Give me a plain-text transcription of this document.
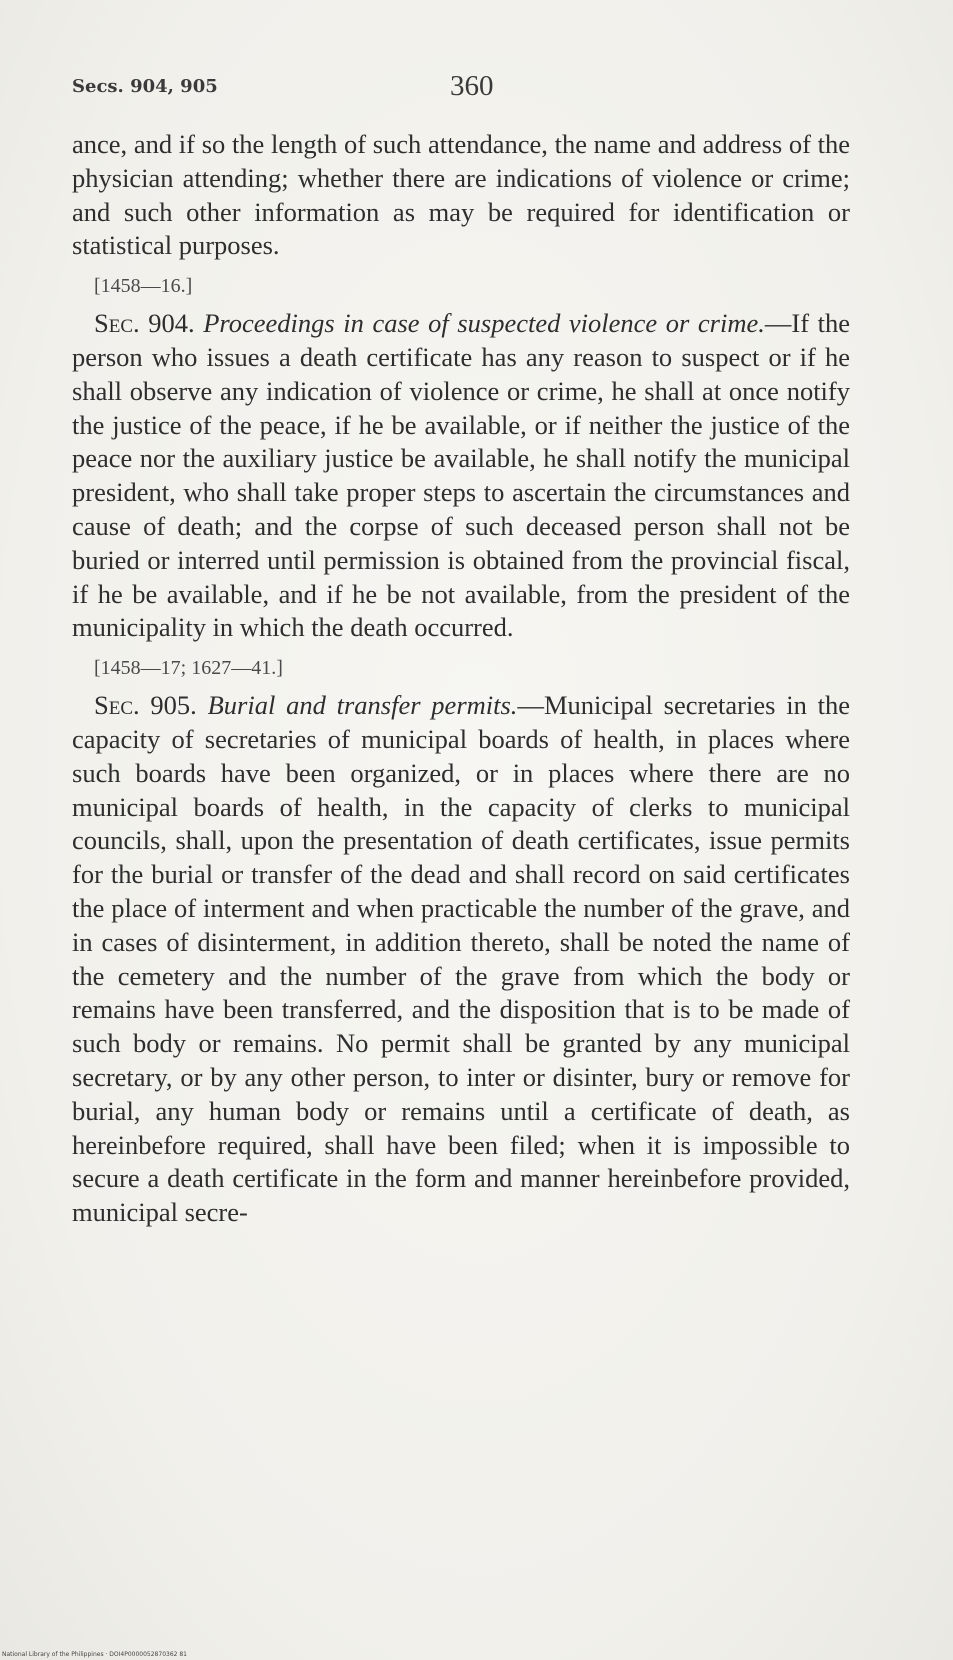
Secs. 904, 905	360

ance, and if so the length of such attendance, the name and address of the physician attending; whether there are indications of violence or crime; and such other information as may be required for identification or statistical purposes.

[1458—16.]

Sec. 904. Proceedings in case of suspected violence or crime.—If the person who issues a death certificate has any reason to suspect or if he shall observe any indication of violence or crime, he shall at once notify the justice of the peace, if he be available, or if neither the justice of the peace nor the auxiliary justice be available, he shall notify the municipal president, who shall take proper steps to ascertain the circumstances and cause of death; and the corpse of such deceased person shall not be buried or interred until permission is obtained from the provincial fiscal, if he be available, and if he be not available, from the president of the municipality in which the death occurred.

[1458—17; 1627—41.]

Sec. 905. Burial and transfer permits.—Municipal secretaries in the capacity of secretaries of municipal boards of health, in places where such boards have been organized, or in places where there are no municipal boards of health, in the capacity of clerks to municipal councils, shall, upon the presentation of death certificates, issue permits for the burial or transfer of the dead and shall record on said certificates the place of interment and when practicable the number of the grave, and in cases of disinterment, in addition thereto, shall be noted the name of the cemetery and the number of the grave from which the body or remains have been transferred, and the disposition that is to be made of such body or remains. No permit shall be granted by any municipal secretary, or by any other person, to inter or disinter, bury or remove for burial, any human body or remains until a certificate of death, as hereinbefore required, shall have been filed; when it is impossible to secure a death certificate in the form and manner hereinbefore provided, municipal secre-

National Library of the Philippines · DOI4P0000052870362 81
